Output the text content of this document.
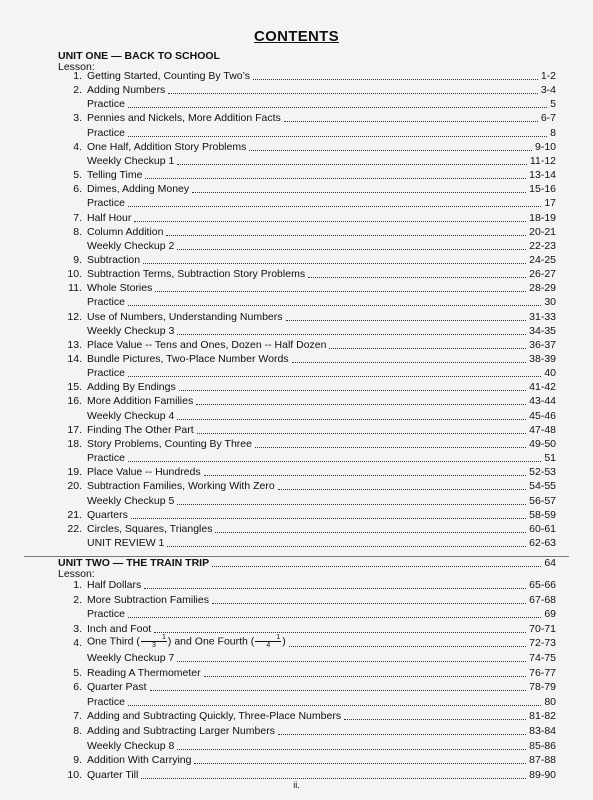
CONTENTS
UNIT ONE — BACK TO SCHOOL
Lesson:
1. Getting Started, Counting By Two’s	1-2
2. Adding Numbers	3-4
Practice	5
3. Pennies and Nickels, More Addition Facts	6-7
Practice	8
4. One Half, Addition Story Problems	9-10
Weekly Checkup 1	11-12
5. Telling Time	13-14
6. Dimes, Adding Money	15-16
Practice	17
7. Half Hour	18-19
8. Column Addition	20-21
Weekly Checkup 2	22-23
9. Subtraction	24-25
10. Subtraction Terms, Subtraction Story Problems	26-27
11. Whole Stories	28-29
Practice	30
12. Use of Numbers, Understanding Numbers	31-33
Weekly Checkup 3	34-35
13. Place Value -- Tens and Ones, Dozen -- Half Dozen	36-37
14. Bundle Pictures, Two-Place Number Words	38-39
Practice	40
15. Adding By Endings	41-42
16. More Addition Families	43-44
Weekly Checkup 4	45-46
17. Finding The Other Part	47-48
18. Story Problems, Counting By Three	49-50
Practice	51
19. Place Value -- Hundreds	52-53
20. Subtraction Families, Working With Zero	54-55
Weekly Checkup 5	56-57
21. Quarters	58-59
22. Circles, Squares, Triangles	60-61
UNIT REVIEW 1	62-63
UNIT TWO — THE TRAIN TRIP	64
Lesson:
1. Half Dollars	65-66
2. More Subtraction Families	67-68
Practice	69
3. Inch and Foot	70-71
4. One Third ( $\frac{1}{3}$ ) and One Fourth ( $\frac{1}{4}$ )	72-73
Weekly Checkup 7	74-75
5. Reading A Thermometer	76-77
6. Quarter Past	78-79
Practice	80
7. Adding and Subtracting Quickly, Three-Place Numbers	81-82
8. Adding and Subtracting Larger Numbers	83-84
Weekly Checkup 8	85-86
9. Addition With Carrying	87-88
10. Quarter Till	89-90
ii.
